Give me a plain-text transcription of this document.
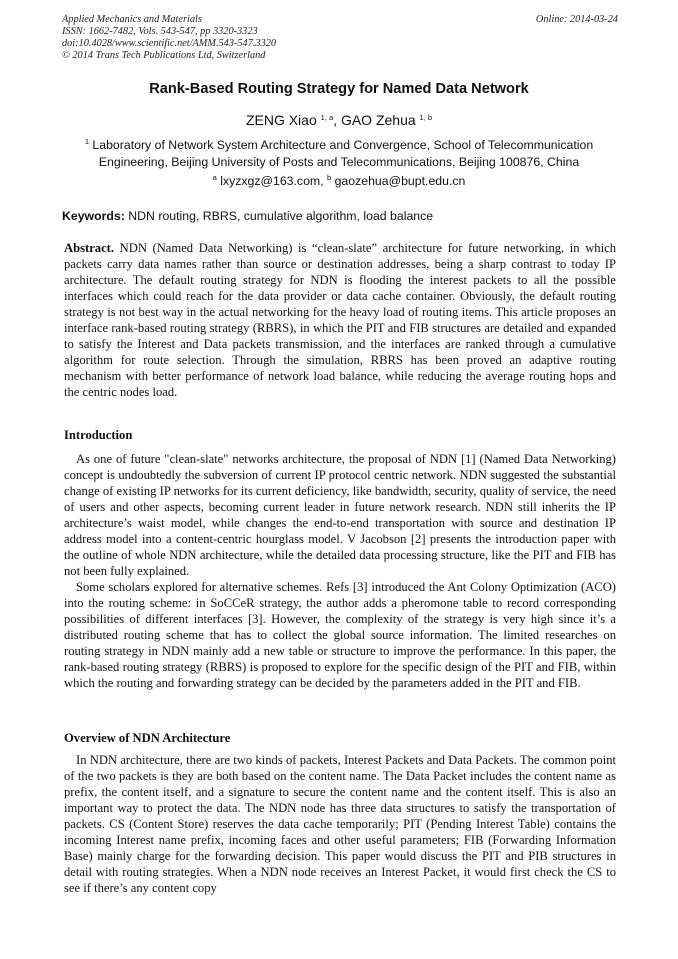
Applied Mechanics and Materials	Online: 2014-03-24
ISSN: 1662-7482, Vols. 543-547, pp 3320-3323
doi:10.4028/www.scientific.net/AMM.543-547.3320
© 2014 Trans Tech Publications Ltd, Switzerland
Rank-Based Routing Strategy for Named Data Network
ZENG Xiao $^{1, a}$, GAO Zehua $^{1, b}$
$^1$ Laboratory of Network System Architecture and Convergence, School of Telecommunication Engineering, Beijing University of Posts and Telecommunications, Beijing 100876, China
$^a$ lxyzxgz@163.com, $^b$ gaozehua@bupt.edu.cn
Keywords: NDN routing, RBRS, cumulative algorithm, load balance

Abstract. NDN (Named Data Networking) is “clean-slate” architecture for future networking, in which packets carry data names rather than source or destination addresses, being a sharp contrast to today IP architecture. The default routing strategy for NDN is flooding the interest packets to all the possible interfaces which could reach for the data provider or data cache container. Obviously, the default routing strategy is not best way in the actual networking for the heavy load of routing items. This article proposes an interface rank-based routing strategy (RBRS), in which the PIT and FIB structures are detailed and expanded to satisfy the Interest and Data packets transmission, and the interfaces are ranked through a cumulative algorithm for route selection. Through the simulation, RBRS has been proved an adaptive routing mechanism with better performance of network load balance, while reducing the average routing hops and the centric nodes load.

Introduction

As one of future "clean-slate" networks architecture, the proposal of NDN [1] (Named Data Networking) concept is undoubtedly the subversion of current IP protocol centric network. NDN suggested the substantial change of existing IP networks for its current deficiency, like bandwidth, security, quality of service, the need of users and other aspects, becoming current leader in future network research. NDN still inherits the IP architecture’s waist model, while changes the end-to-end transportation with source and destination IP address model into a content-centric hourglass model. V Jacobson [2] presents the introduction paper with the outline of whole NDN architecture, while the detailed data processing structure, like the PIT and FIB has not been fully explained.

Some scholars explored for alternative schemes. Refs [3] introduced the Ant Colony Optimization (ACO) into the routing scheme: in SoCCeR strategy, the author adds a pheromone table to record corresponding possibilities of different interfaces [3]. However, the complexity of the strategy is very high since it’s a distributed routing scheme that has to collect the global source information. The limited researches on routing strategy in NDN mainly add a new table or structure to improve the performance. In this paper, the rank-based routing strategy (RBRS) is proposed to explore for the specific design of the PIT and FIB, within which the routing and forwarding strategy can be decided by the parameters added in the PIT and FIB.

Overview of NDN Architecture

In NDN architecture, there are two kinds of packets, Interest Packets and Data Packets. The common point of the two packets is they are both based on the content name. The Data Packet includes the content name as prefix, the content itself, and a signature to secure the content name and the content itself. This is also an important way to protect the data. The NDN node has three data structures to satisfy the transportation of packets. CS (Content Store) reserves the data cache temporarily; PIT (Pending Interest Table) contains the incoming Interest name prefix, incoming faces and other useful parameters; FIB (Forwarding Information Base) mainly charge for the forwarding decision. This paper would discuss the PIT and PIB structures in detail with routing strategies. When a NDN node receives an Interest Packet, it would first check the CS to see if there’s any content copy
